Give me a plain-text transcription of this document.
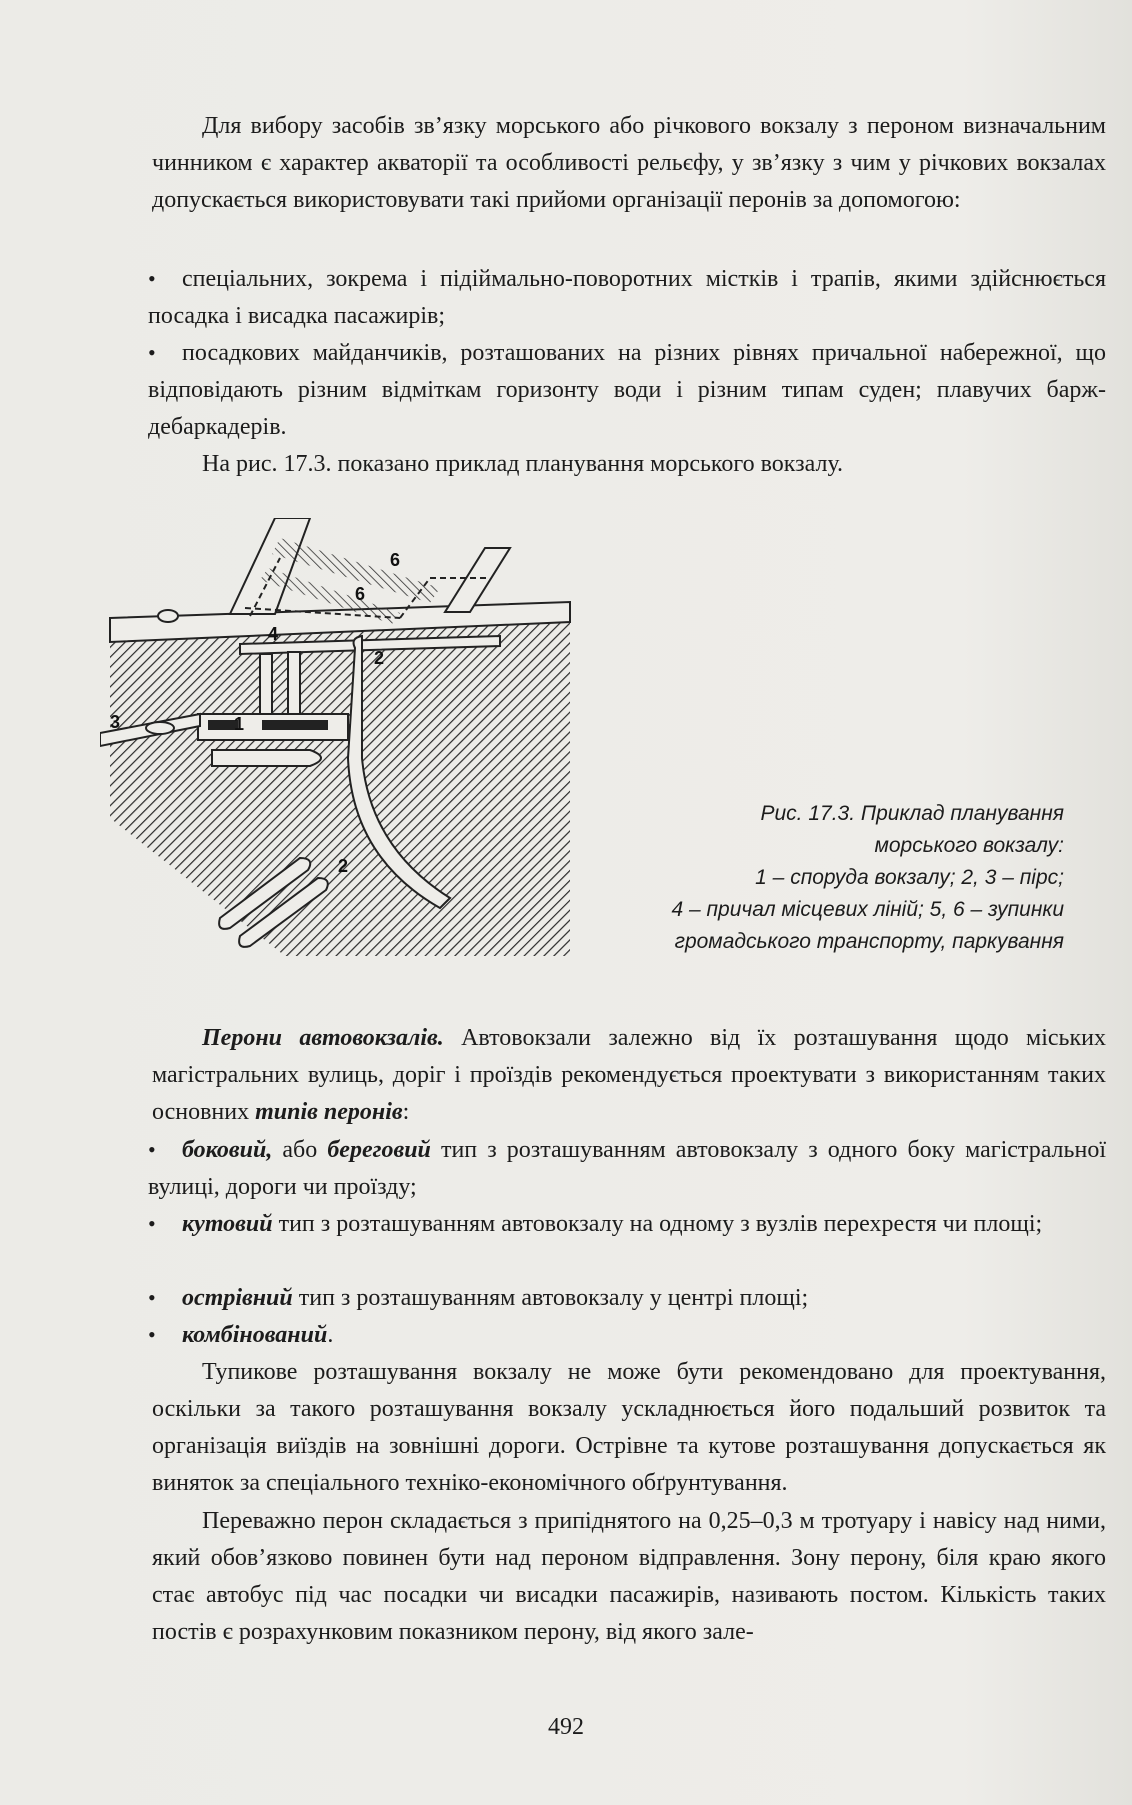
Для вибору засобів зв’язку морського або річкового вокзалу з пероном визначальним чинником є характер акваторії та особливості рельєфу, у зв’язку з чим у річкових вокзалах допускається використовувати такі прийоми організації перонів за допомогою:

• спеціальних, зокрема і підіймально-поворотних містків і трапів, якими здійснюється посадка і висадка пасажирів;

• посадкових майданчиків, розташованих на різних рівнях причальної набережної, що відповідають різним відміткам горизонту води і різним типам суден; плавучих барж-дебаркадерів.

На рис. 17.3. показано приклад планування морського вокзалу.

6
6
4
2
3	1
2
Рис. 17.3. Приклад планування
морського вокзалу:
1 – споруда вокзалу; 2, 3 – пірс;
4 – причал місцевих ліній; 5, 6 – зупинки
громадського транспорту, паркування

Перони автовокзалів. Автовокзали залежно від їх розташування щодо міських магістральних вулиць, доріг і проїздів рекомендується проектувати з використанням таких основних типів перонів:

• боковий, або береговий тип з розташуванням автовокзалу з одного боку магістральної вулиці, дороги чи проїзду;

• кутовий тип з розташуванням автовокзалу на одному з вузлів перехрестя чи площі;

• острівний тип з розташуванням автовокзалу у центрі площі;

• комбінований.

Тупикове розташування вокзалу не може бути рекомендовано для проектування, оскільки за такого розташування вокзалу ускладнюється його подальший розвиток та організація виїздів на зовнішні дороги. Острівне та кутове розташування допускається як виняток за спеціального техніко-економічного обґрунтування.

Переважно перон складається з припіднятого на 0,25–0,3 м тротуару і навісу над ними, який обов’язково повинен бути над пероном відправлення. Зону перону, біля краю якого стає автобус під час посадки чи висадки пасажирів, називають постом. Кількість таких постів є розрахунковим показником перону, від якого зале-

492
